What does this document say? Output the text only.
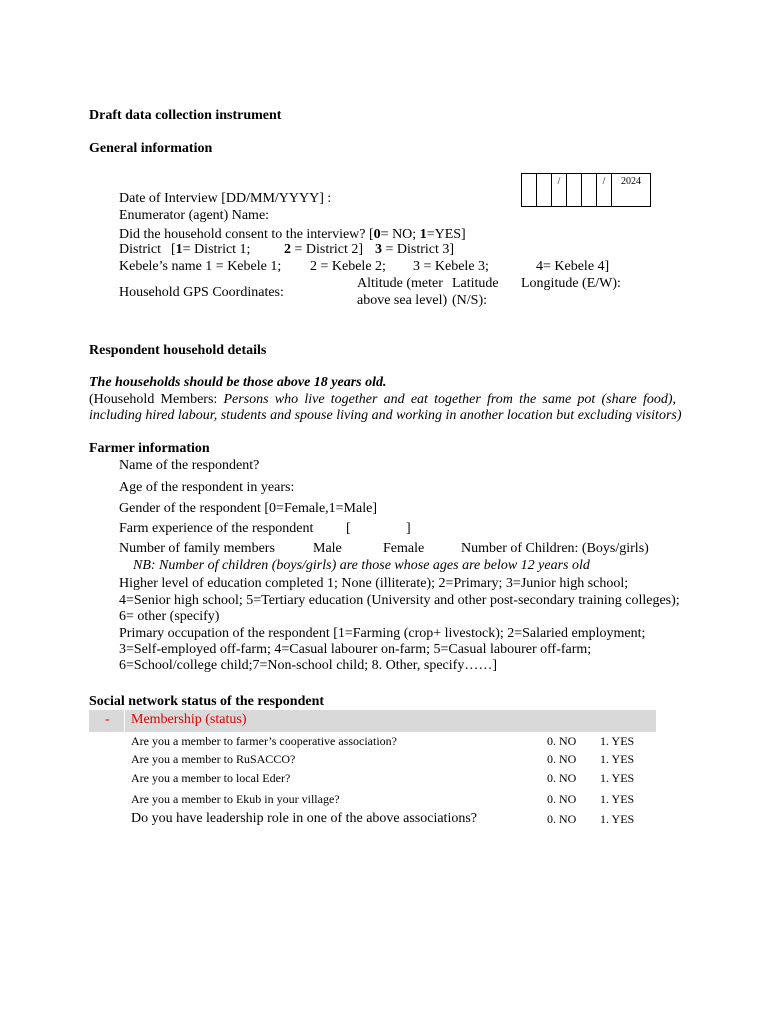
Draft data collection instrument
General information
/	/	2024
Date of Interview [DD/MM/YYYY] :
Enumerator (agent) Name:
Did the household consent to the interview? [0= NO; 1=YES]
District [1= District 1; 2 = District 2] 3 = District 3]
Kebele’s name 1 = Kebele 1; 2 = Kebele 2; 3 = Kebele 3;	4= Kebele 4]
Household GPS Coordinates:
Altitude (meter
above sea level)
Latitude
(N/S):
Longitude (E/W):
Respondent household details
The households should be those above 18 years old.
(Household Members: Persons who live together and eat together from the same pot (share food),
including hired labour, students and spouse living and working in another location but excluding visitors)
Farmer information
Name of the respondent?
Age of the respondent in years:
Gender of the respondent [0=Female,1=Male]
Farm experience of the respondent [	]
Number of family members	Male	Female	Number of Children: (Boys/girls)
NB: Number of children (boys/girls) are those whose ages are below 12 years old
Higher level of education completed 1; None (illiterate); 2=Primary; 3=Junior high school;
4=Senior high school; 5=Tertiary education (University and other post-secondary training colleges);
6= other (specify)
Primary occupation of the respondent [1=Farming (crop+ livestock); 2=Salaried employment;
3=Self-employed off-farm; 4=Casual labourer on-farm; 5=Casual labourer off-farm;
6=School/college child;7=Non-school child; 8. Other, specify……]
Social network status of the respondent
- Membership (status)
Are you a member to farmer’s cooperative association?	0. NO 1. YES
Are you a member to RuSACCO?	0. NO 1. YES
Are you a member to local Eder?	0. NO 1. YES
Are you a member to Ekub in your village?	0. NO 1. YES
Do you have leadership role in one of the above associations?	0. NO 1. YES
